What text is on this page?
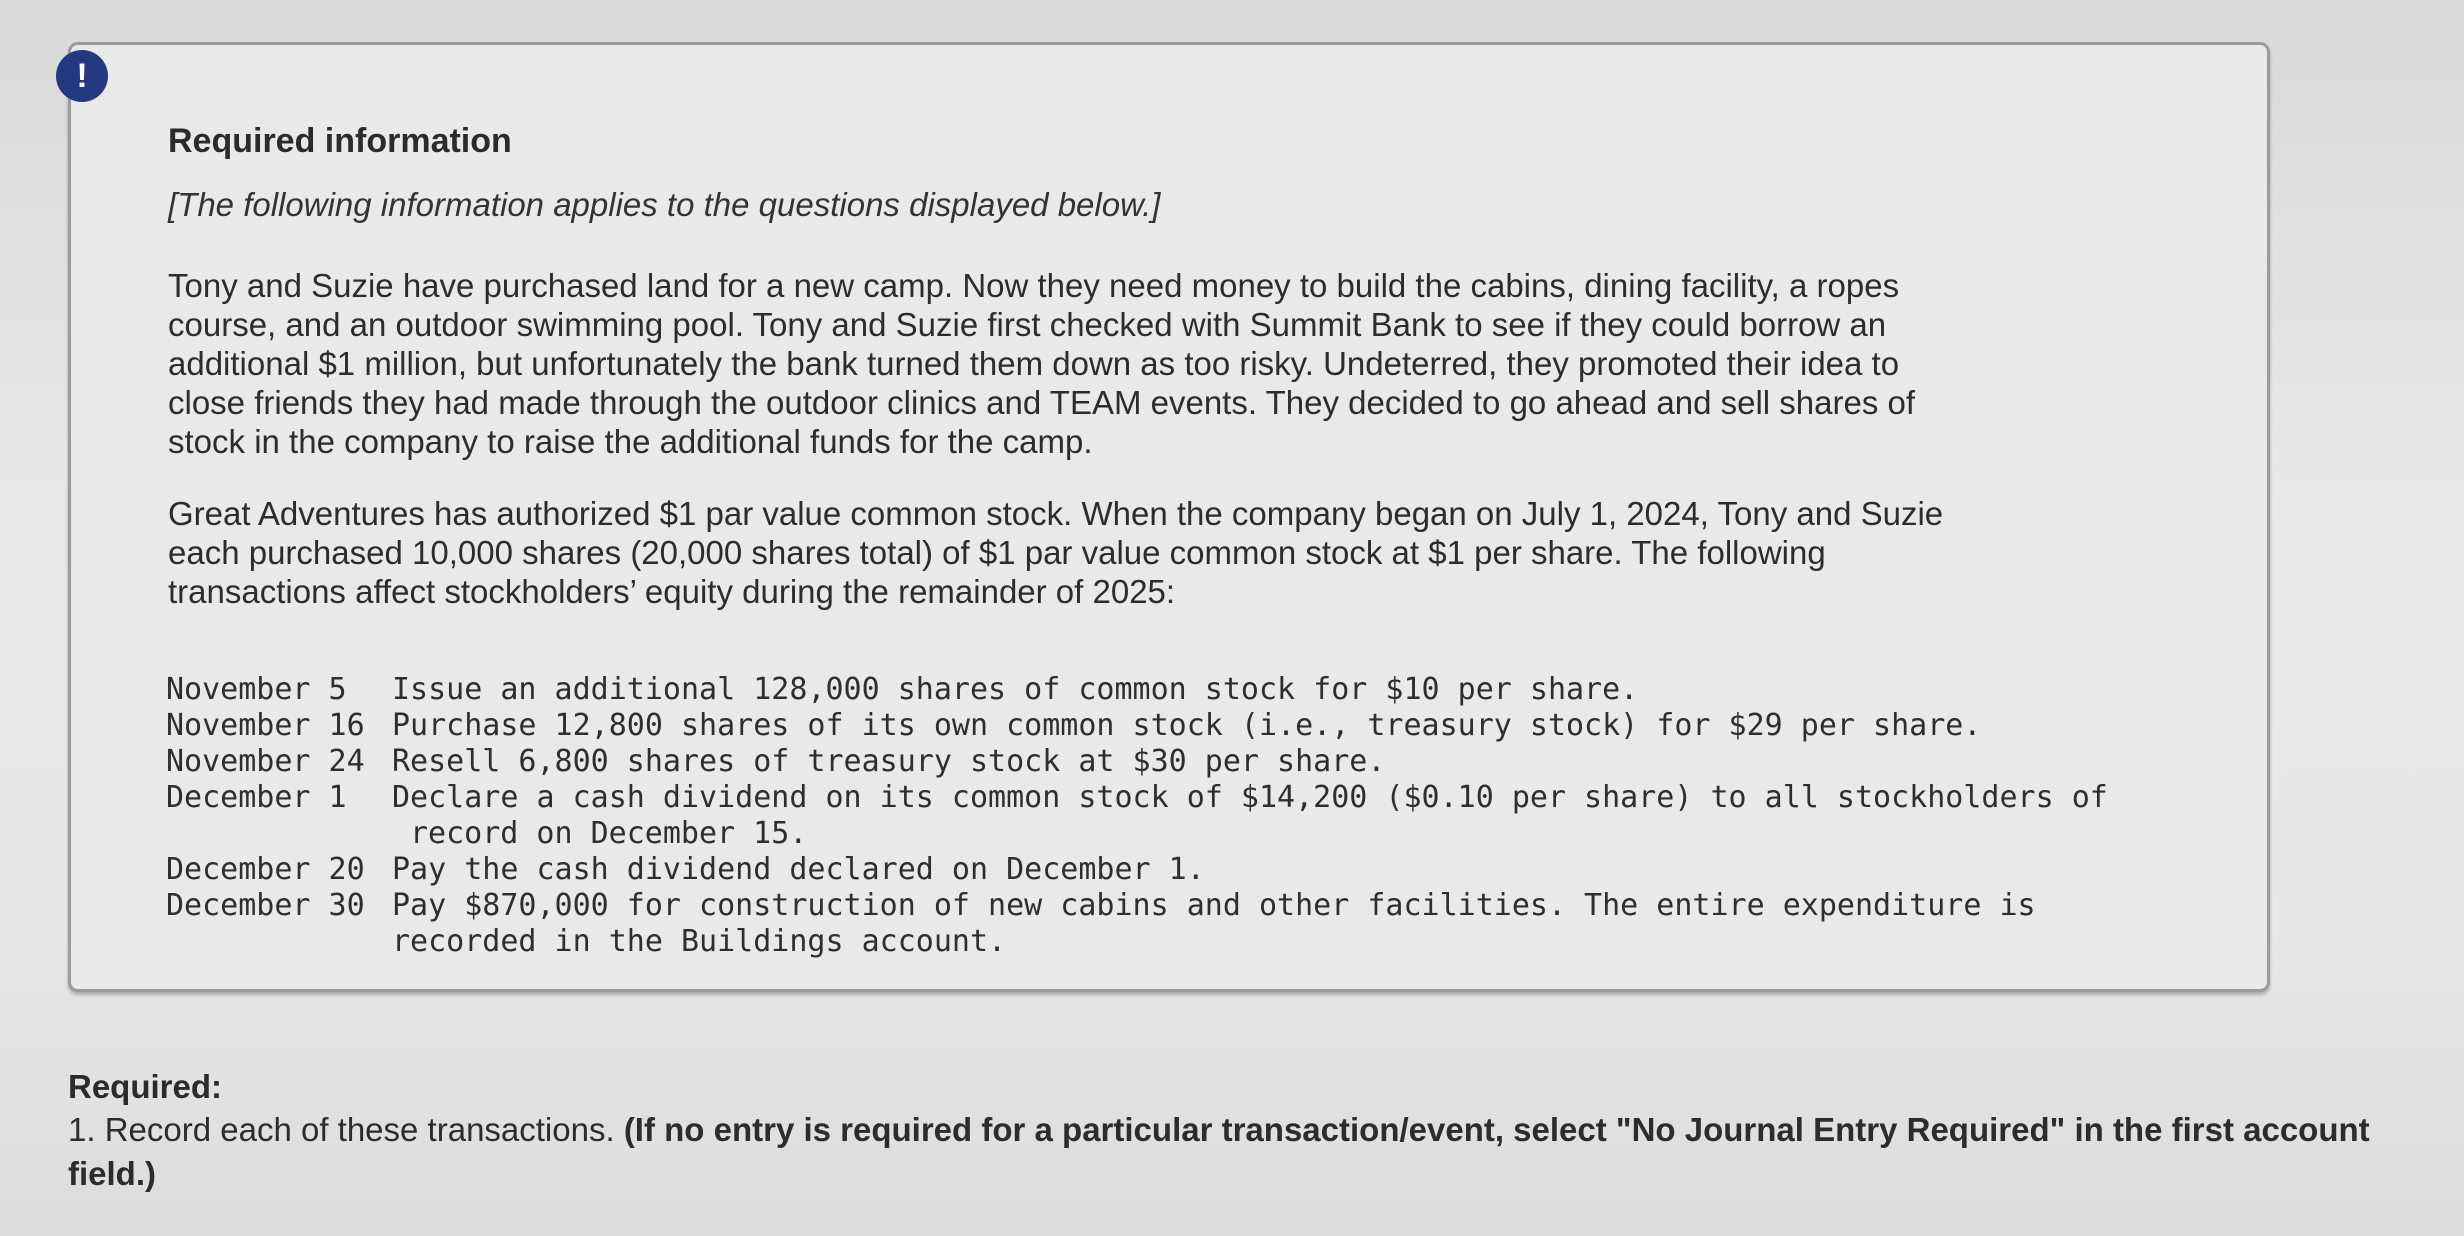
!
Required information
[The following information applies to the questions displayed below.]
Tony and Suzie have purchased land for a new camp. Now they need money to build the cabins, dining facility, a ropes
course, and an outdoor swimming pool. Tony and Suzie first checked with Summit Bank to see if they could borrow an
additional $1 million, but unfortunately the bank turned them down as too risky. Undeterred, they promoted their idea to
close friends they had made through the outdoor clinics and TEAM events. They decided to go ahead and sell shares of
stock in the company to raise the additional funds for the camp.
Great Adventures has authorized $1 par value common stock. When the company began on July 1, 2024, Tony and Suzie
each purchased 10,000 shares (20,000 shares total) of $1 par value common stock at $1 per share. The following
transactions affect stockholders’ equity during the remainder of 2025:
November 5	Issue an additional 128,000 shares of common stock for $10 per share.
November 16 Purchase 12,800 shares of its own common stock (i.e., treasury stock) for $29 per share.
November 24 Resell 6,800 shares of treasury stock at $30 per share.
December 1	Declare a cash dividend on its common stock of $14,200 ($0.10 per share) to all stockholders of
record on December 15.
December 20 Pay the cash dividend declared on December 1.
December 30 Pay $870,000 for construction of new cabins and other facilities. The entire expenditure is
recorded in the Buildings account.
Required:
1. Record each of these transactions. (If no entry is required for a particular transaction/event, select "No Journal Entry Required" in the first account field.)
